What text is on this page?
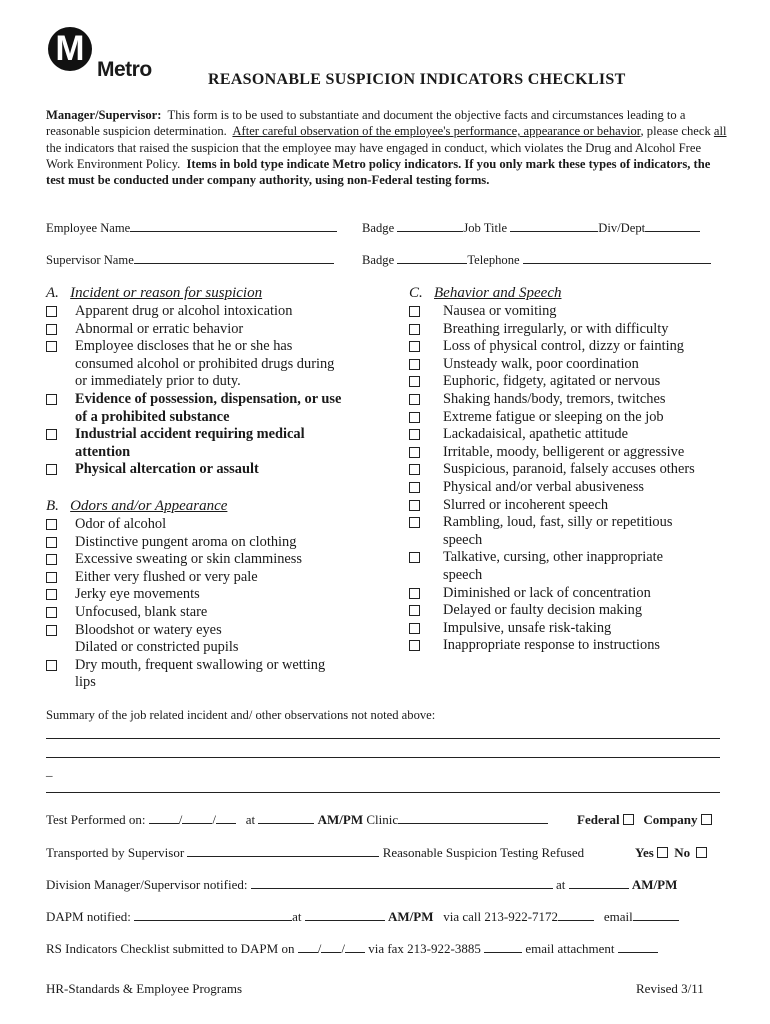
M
Metro	REASONABLE SUSPICION INDICATORS CHECKLIST
Manager/Supervisor: This form is to be used to substantiate and document the objective facts and circumstances leading to a reasonable suspicion determination. After careful observation of the employee's performance, appearance or behavior, please check all the indicators that raised the suspicion that the employee may have engaged in conduct, which violates the Drug and Alcohol Free Work Environment Policy. Items in bold type indicate Metro policy indicators. If you only mark these types of indicators, the test must be conducted under company authority, using non-Federal testing forms.
Employee Name	Badge	Job Title	Div/Dept
Supervisor Name	Badge	Telephone
A. Incident or reason for suspicion
B. Odors and/or Appearance
C. Behavior and Speech
Apparent drug or alcohol intoxication
Abnormal or erratic behavior
Employee discloses that he or she has
consumed alcohol or prohibited drugs during
or immediately prior to duty.
Evidence of possession, dispensation, or use
of a prohibited substance
Industrial accident requiring medical
attention
Physical altercation or assault
Odor of alcohol
Distinctive pungent aroma on clothing
Excessive sweating or skin clamminess
Either very flushed or very pale
Jerky eye movements
Unfocused, blank stare
Bloodshot or watery eyes
Dilated or constricted pupils
Dry mouth, frequent swallowing or wetting
lips
Nausea or vomiting
Breathing irregularly, or with difficulty
Loss of physical control, dizzy or fainting
Unsteady walk, poor coordination
Euphoric, fidgety, agitated or nervous
Shaking hands/body, tremors, twitches
Extreme fatigue or sleeping on the job
Lackadaisical, apathetic attitude
Irritable, moody, belligerent or aggressive
Suspicious, paranoid, falsely accuses others
Physical and/or verbal abusiveness
Slurred or incoherent speech
Rambling, loud, fast, silly or repetitious
speech
Talkative, cursing, other inappropriate
speech
Diminished or lack of concentration
Delayed or faulty decision making
Impulsive, unsafe risk-taking
Inappropriate response to instructions
Summary of the job related incident and/ other observations not noted above:
_
Test Performed on:	/ / at	AM/PM Clinic	Federal Company
Transported by Supervisor	Reasonable Suspicion Testing Refused	Yes No
Division Manager/Supervisor notified:	at	AM/PM
DAPM notified:	at	AM/PM via call 213-922-7172	email
RS Indicators Checklist submitted to DAPM on / / via fax 213-922-3885	email attachment
HR-Standards & Employee Programs	Revised 3/11
